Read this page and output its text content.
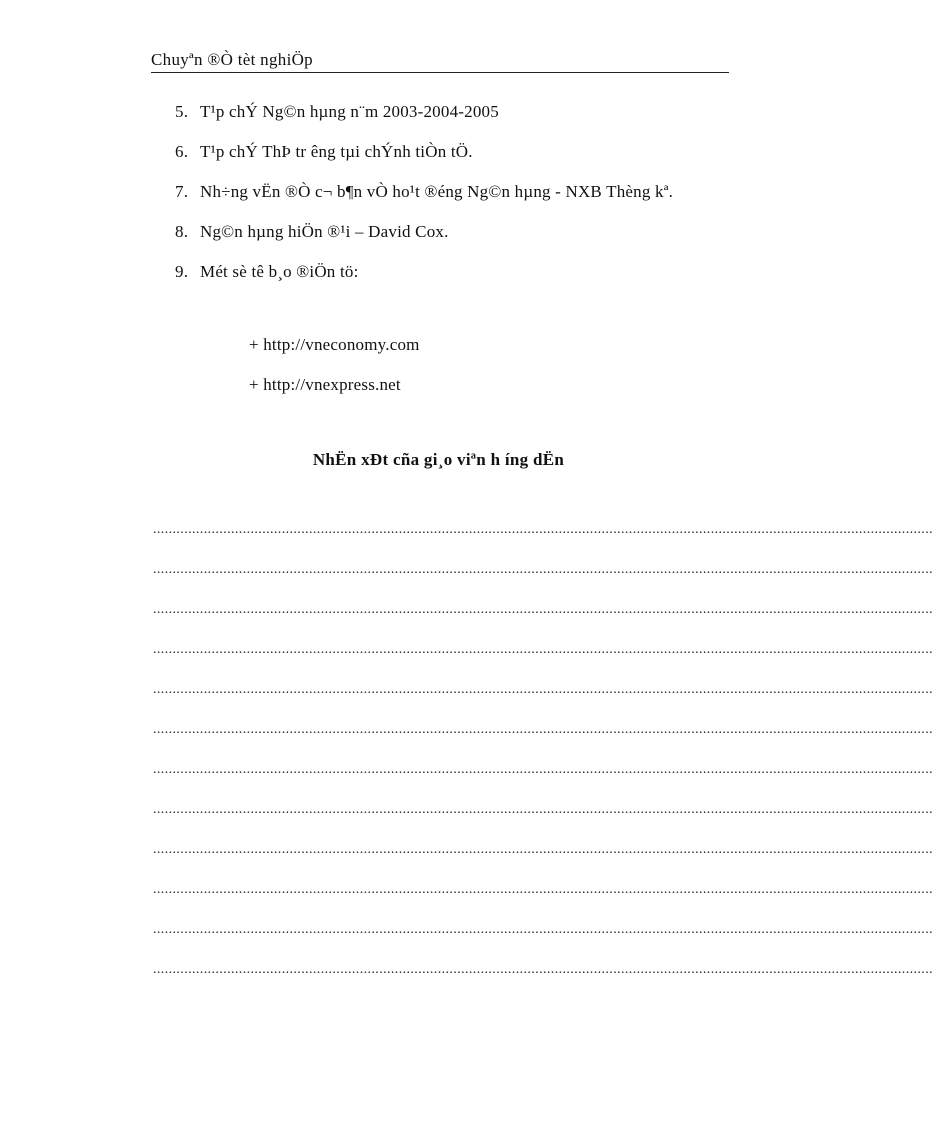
Chuyªn ®Ò tèt nghiÖp
5. T¹p chÝ Ng©n hµng n¨m 2003-2004-2005
6. T¹p chÝ ThÞ tr êng tµi chÝnh tiÒn tÖ.
7. Nh÷ng vËn ®Ò c¬ b¶n vÒ ho¹t ®éng Ng©n hµng - NXB Thèng kª.
8. Ng©n hµng hiÖn ®¹i – David Cox.
9. Mét sè tê b¸o ®iÖn tö:
+ http://vneconomy.com
+ http://vnexpress.net
NhËn xÐt cña gi¸o viªn h íng dËn
........................................................................................................................................................................................................
........................................................................................................................................................................................................
........................................................................................................................................................................................................
........................................................................................................................................................................................................
........................................................................................................................................................................................................
........................................................................................................................................................................................................
........................................................................................................................................................................................................
........................................................................................................................................................................................................
........................................................................................................................................................................................................
........................................................................................................................................................................................................
........................................................................................................................................................................................................
........................................................................................................................................................................................................
